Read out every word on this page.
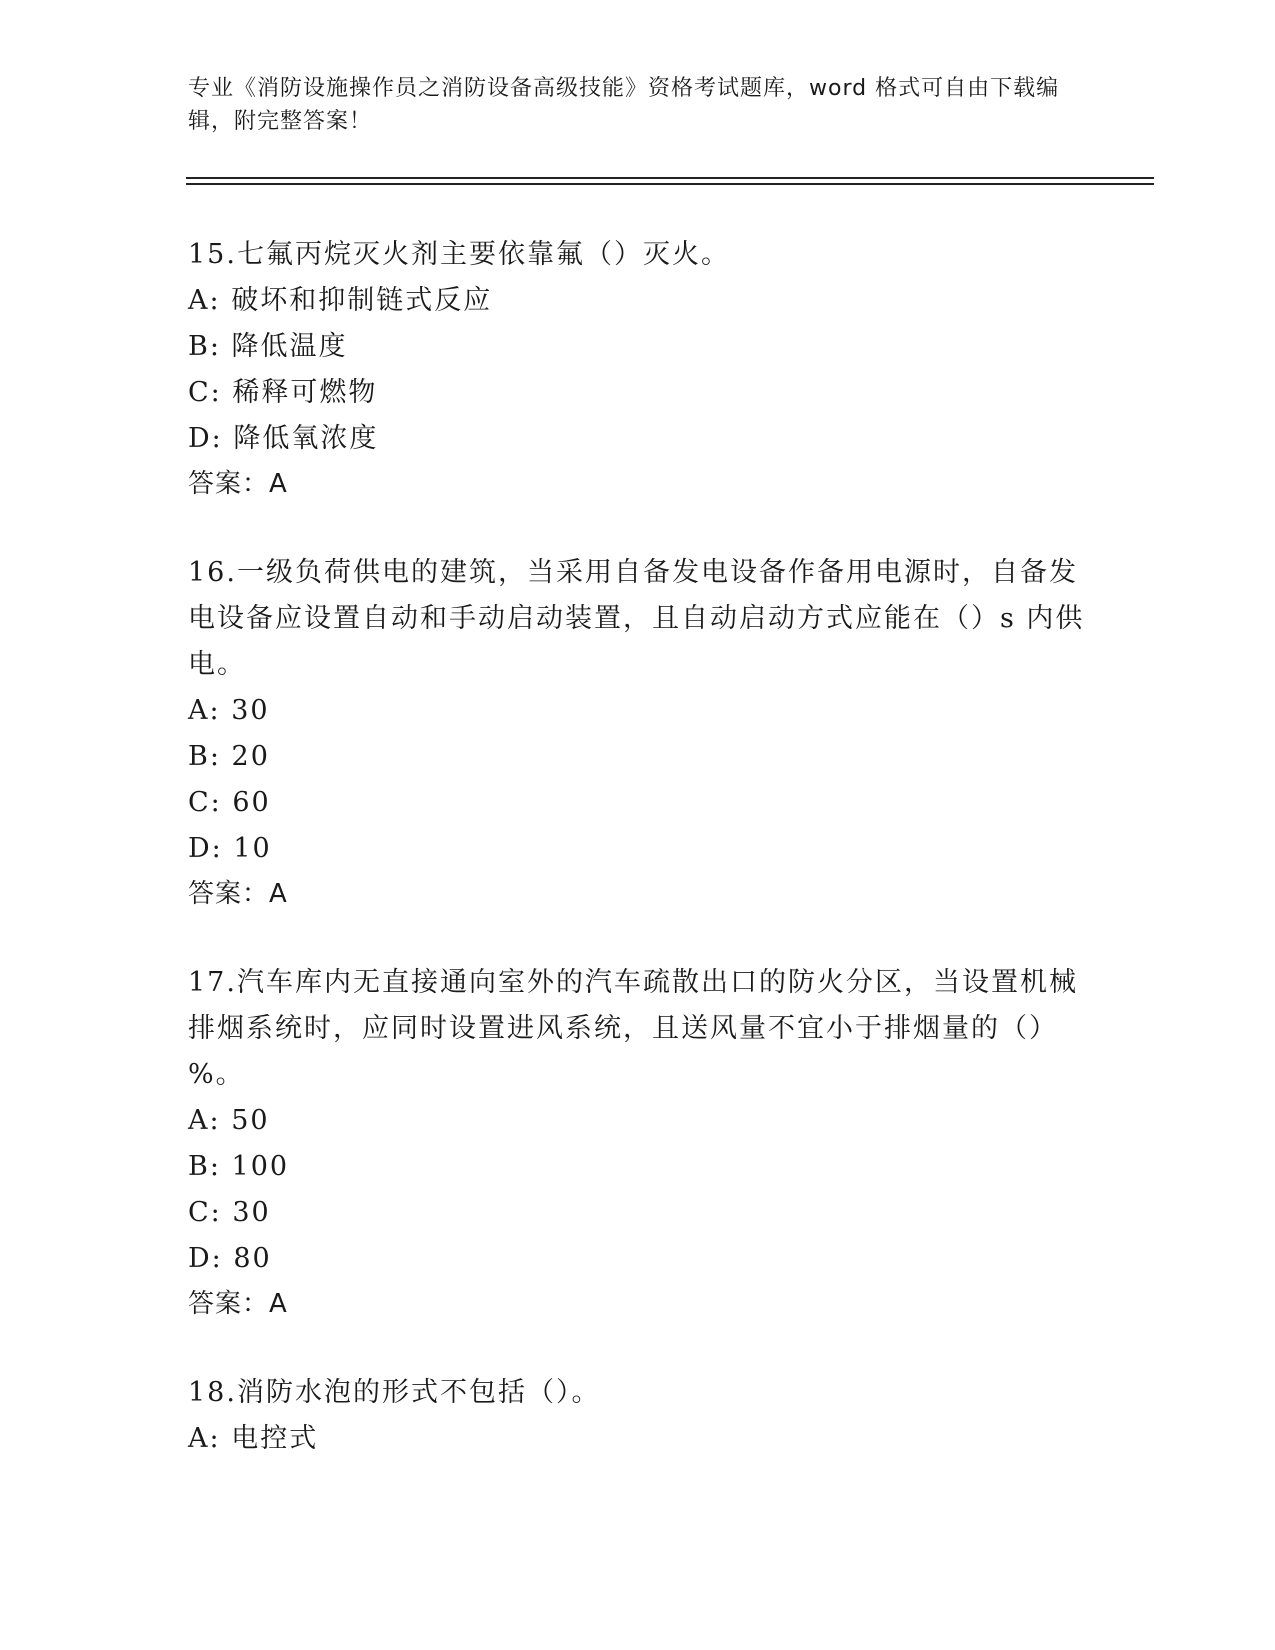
专业《消防设施操作员之消防设备高级技能》资格考试题库，word 格式可自由下载编辑，附完整答案！

15.七氟丙烷灭火剂主要依靠氟（）灭火。

A: 破坏和抑制链式反应

B: 降低温度

C: 稀释可燃物

D: 降低氧浓度

答案：A

16.一级负荷供电的建筑，当采用自备发电设备作备用电源时，自备发电设备应设置自动和手动启动装置，且自动启动方式应能在（）s 内供电。

A: 30

B: 20

C: 60

D: 10

答案：A

17.汽车库内无直接通向室外的汽车疏散出口的防火分区，当设置机械排烟系统时，应同时设置进风系统，且送风量不宜小于排烟量的（）%。

A: 50

B: 100

C: 30

D: 80

答案：A

18.消防水泡的形式不包括（）。

A: 电控式
